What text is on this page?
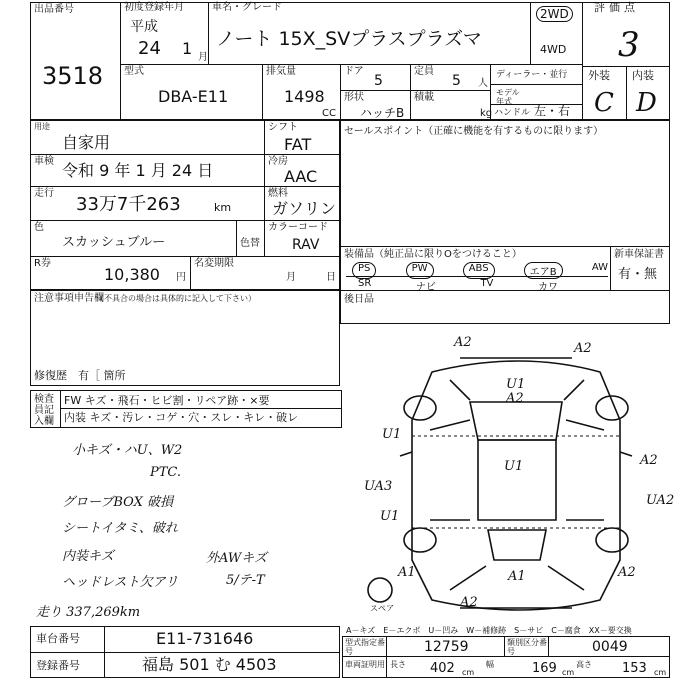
出品番号
3518
初度登録年月
平成
24 1 月
車名・グレード
ノート 15X_SVプラスプラズマ
2WD
4WD
評価点
3
外装 内装
C D
型式
DBA-E11
排気量
1498
CC
ドア
5
定員
5 人
形状
ハッチB
積載
kg
ディーラー・並行
モデル年式
ハンドル 左・右
用途
自家用
シフト
FAT
車検 令和 9 年 1 月 24 日	冷房
AAC
走行
33万7千263	km
燃料
ガソリン
色
スカッシュブルー	色替
カラーコード
RAV
R券
10,380 円
名変期限
月	日
セールスポイント（正確に機能を有するものに限ります）
装備品（純正品に限りOをつけること）	新車保証書
有・無
後日品
PS	PW	ABS	エアB	AW
SR	ナビ	TV	カワ
注意事項申告欄
（不具合の場合は具体的に記入して下さい）
修復歴 有［ 箇所
検査員記入欄
FW キズ・飛石・ヒビ割・リペア跡・×要
内装 キズ・汚レ・コゲ・穴・スレ・キレ・破レ
小キズ・ハU、W2
PTC.
グローブBOX 破損
シートイタミ、破れ
内装キズ	外AWキズ
ヘッドレスト欠アリ	5/テ-T
走り 337,269km
A2	A2
U1 A2
U1
U1
UA3
U1
A2
UA2
A1	A1	A2
A2
スペア
A－キズ　E－エクボ　U－凹み　W－補修跡　S－サビ　C－腐食　XX－要交換
車台番号	E11-731646
登録番号	福島 501 む 4503
型式指定番号	12759	類別区分番号	0049
車両証明用 長さ 402 cm
幅	169 cm
高さ 153 cm
